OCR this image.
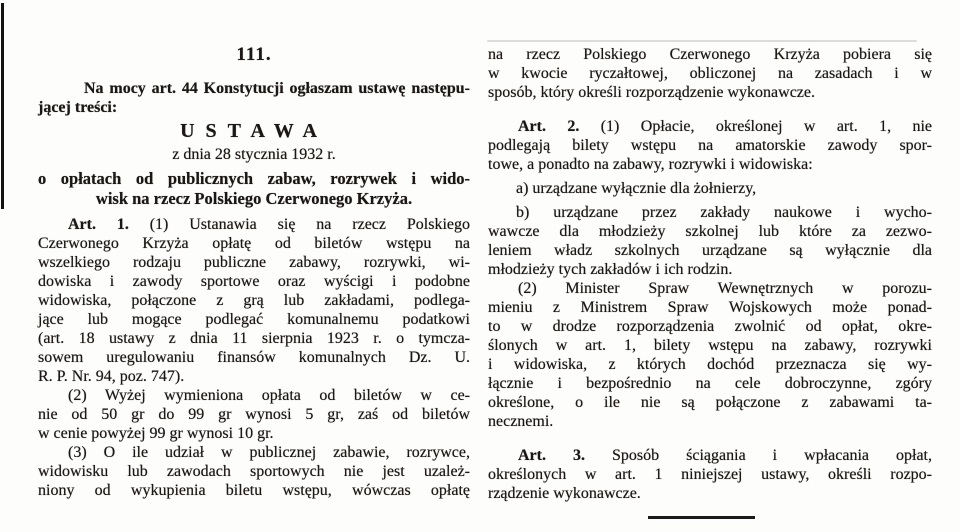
111.
Na mocy art. 44 Konstytucji ogłaszam ustawę następu-
jącej treści:
USTAWA
z dnia 28 stycznia 1932 r.
o opłatach od publicznych zabaw, rozrywek i wido-
wisk na rzecz Polskiego Czerwonego Krzyża.
Art. 1. (1) Ustanawia się na rzecz Polskiego
Czerwonego Krzyża opłatę od biletów wstępu na
wszelkiego rodzaju publiczne zabawy, rozrywki, wi-
dowiska i zawody sportowe oraz wyścigi i podobne
widowiska, połączone z grą lub zakładami, podlega-
jące lub mogące podlegać komunalnemu podatkowi
(art. 18 ustawy z dnia 11 sierpnia 1923 r. o tymcza-
sowem uregulowaniu finansów komunalnych Dz. U.
R. P. Nr. 94, poz. 747).
(2) Wyżej wymieniona opłata od biletów w ce-
nie od 50 gr do 99 gr wynosi 5 gr, zaś od biletów
w cenie powyżej 99 gr wynosi 10 gr.
(3) O ile udział w publicznej zabawie, rozrywce,
widowisku lub zawodach sportowych nie jest uzależ-
niony od wykupienia biletu wstępu, wówczas opłatę
na rzecz Polskiego Czerwonego Krzyża pobiera się
w kwocie ryczałtowej, obliczonej na zasadach i w
sposób, który określi rozporządzenie wykonawcze.
Art. 2. (1) Opłacie, określonej w art. 1, nie
podlegają bilety wstępu na amatorskie zawody spor-
towe, a ponadto na zabawy, rozrywki i widowiska:
a) urządzane wyłącznie dla żołnierzy,
b) urządzane przez zakłady naukowe i wycho-
wawcze dla młodzieży szkolnej lub które za zezwo-
leniem władz szkolnych urządzane są wyłącznie dla
młodzieży tych zakładów i ich rodzin.
(2) Minister Spraw Wewnętrznych w porozu-
mieniu z Ministrem Spraw Wojskowych może ponad-
to w drodze rozporządzenia zwolnić od opłat, okre-
ślonych w art. 1, bilety wstępu na zabawy, rozrywki
i widowiska, z których dochód przeznacza się wy-
łącznie i bezpośrednio na cele dobroczynne, zgóry
określone, o ile nie są połączone z zabawami ta-
necznemi.
Art. 3. Sposób ściągania i wpłacania opłat,
określonych w art. 1 niniejszej ustawy, określi rozpo-
rządzenie wykonawcze.
